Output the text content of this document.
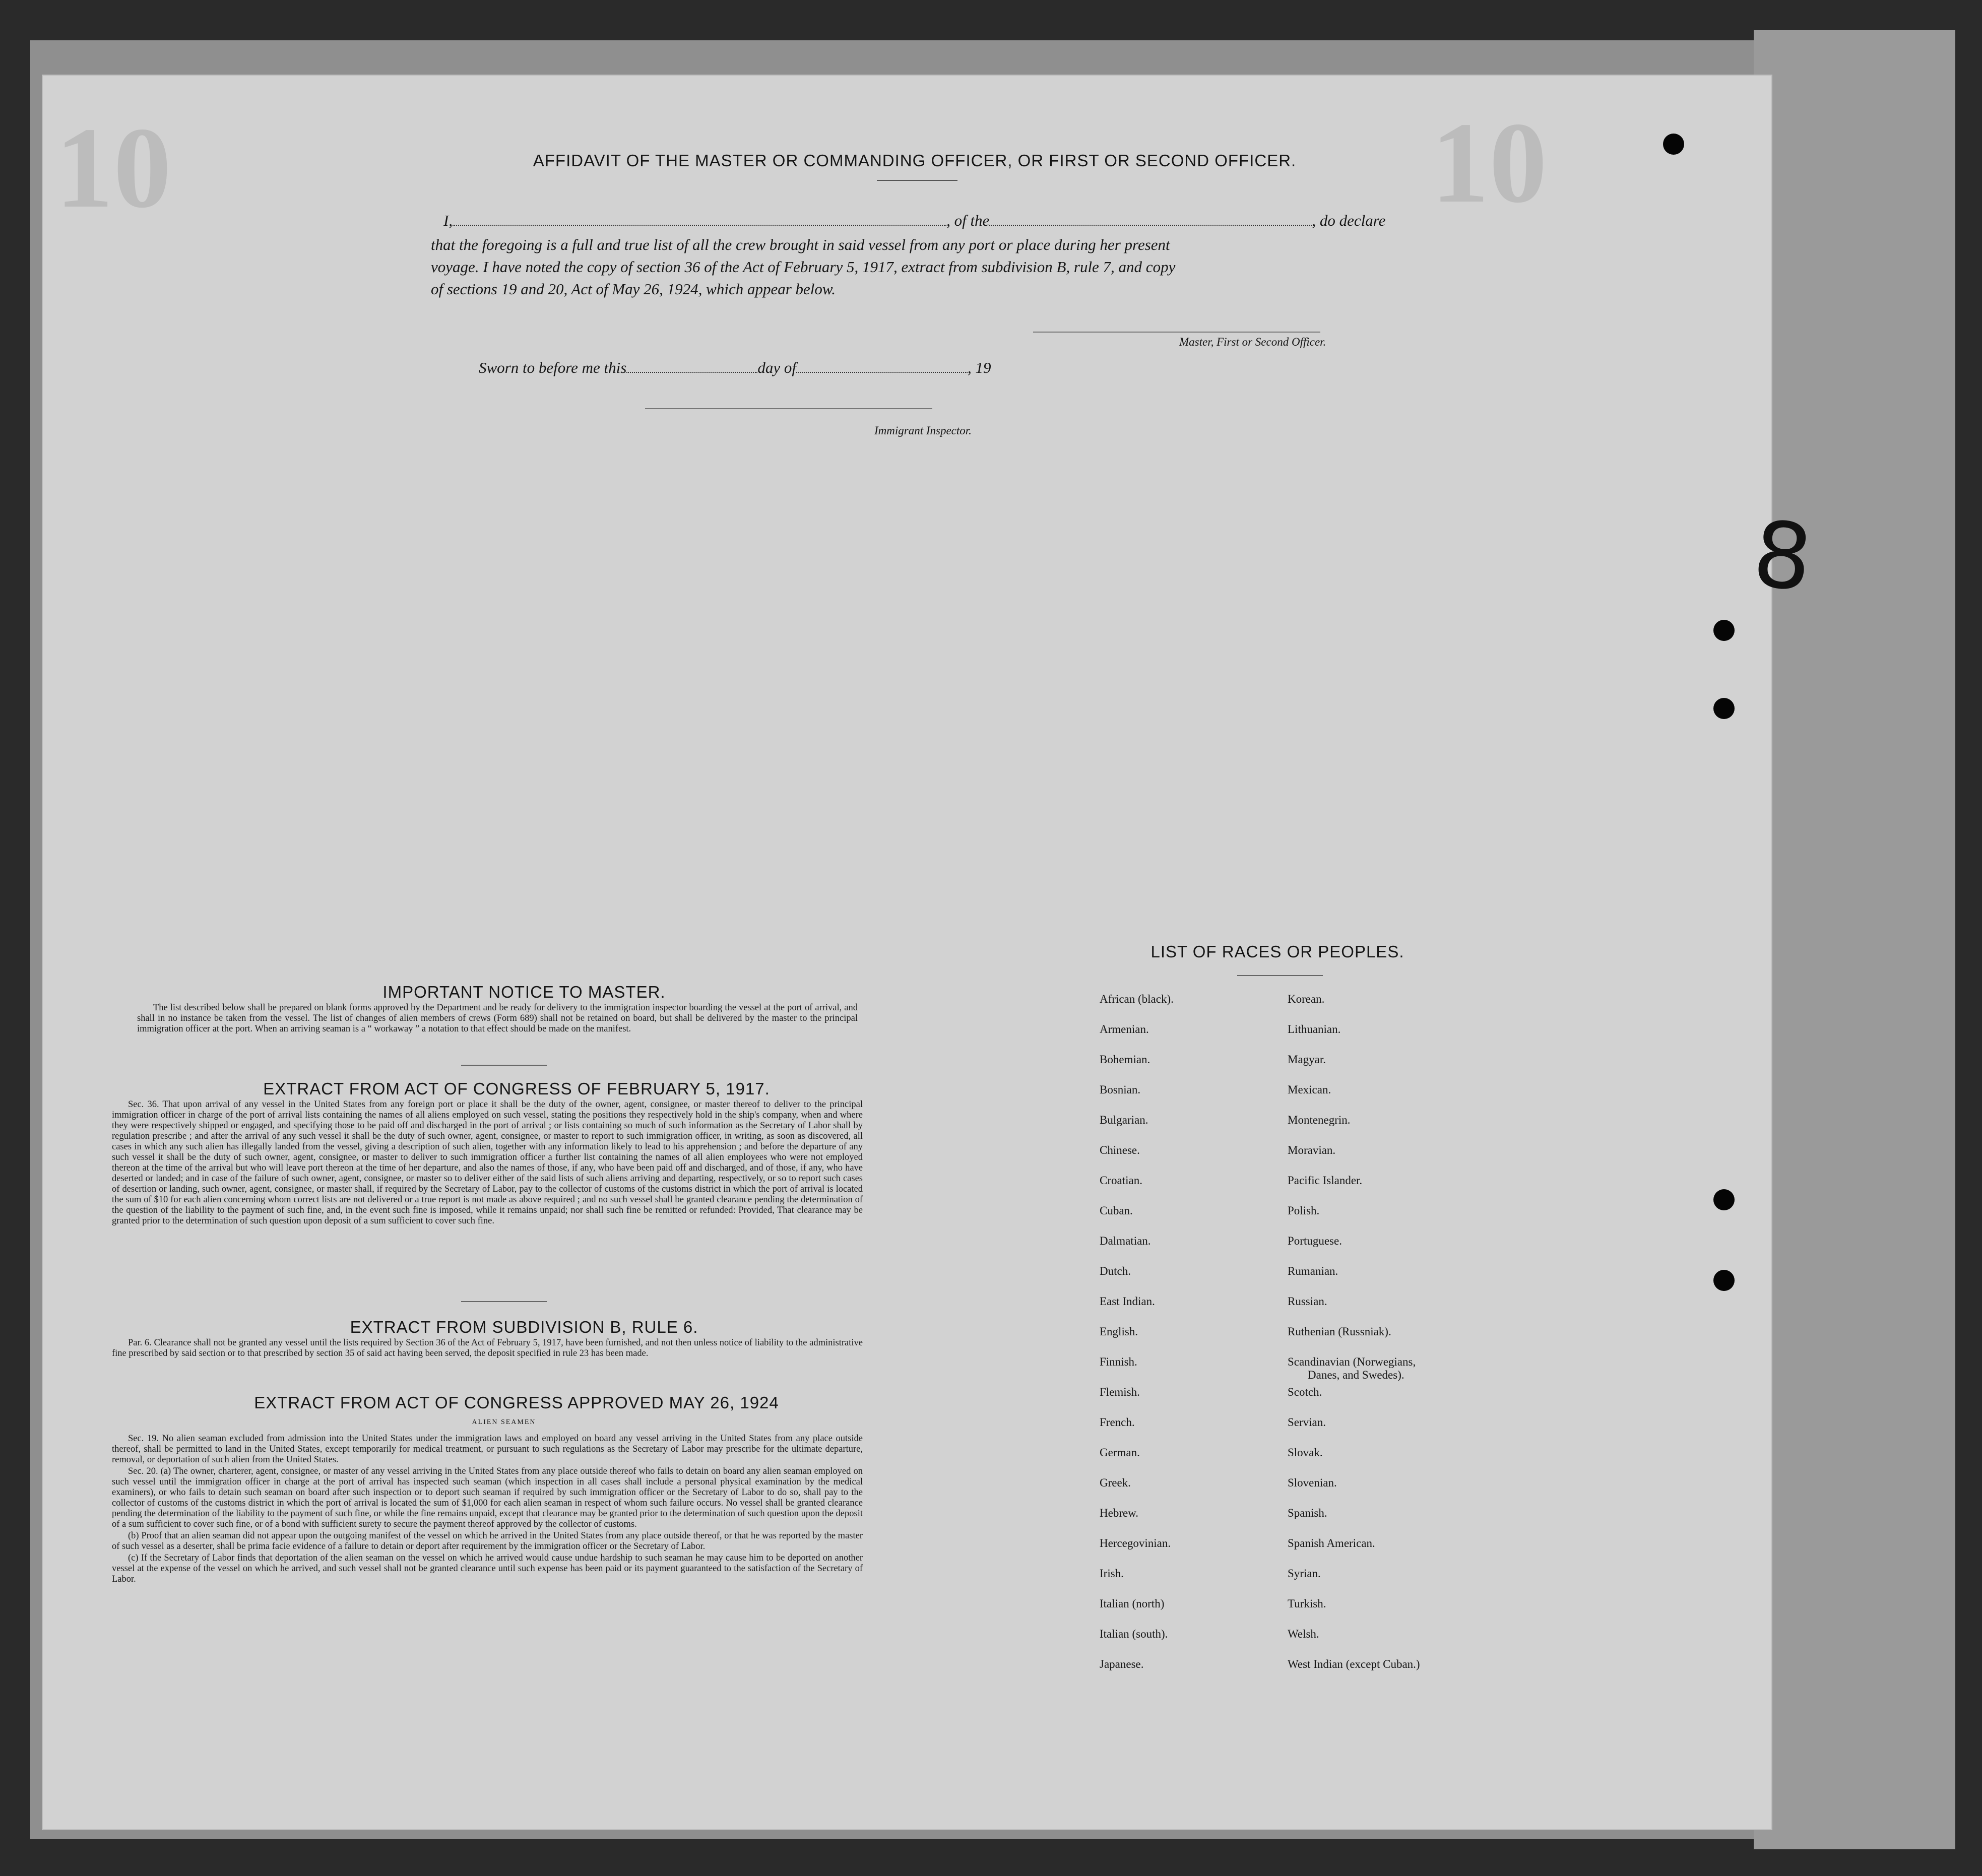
10	10
8
AFFIDAVIT OF THE MASTER OR COMMANDING OFFICER, OR FIRST OR SECOND OFFICER.
I,	, of the	, do declare
that the foregoing is a full and true list of all the crew brought in said vessel from any port or place during her present
voyage. I have noted the copy of section 36 of the Act of February 5, 1917, extract from subdivision B, rule 7, and copy
of sections 19 and 20, Act of May 26, 1924, which appear below.
Master, First or Second Officer.
Sworn to before me this	day of	, 19
Immigrant Inspector.
IMPORTANT NOTICE TO MASTER.

The list described below shall be prepared on blank forms approved by the Department and be ready for delivery to the immigration inspector boarding the vessel at the port of arrival, and shall in no instance be taken from the vessel. The list of changes of alien members of crews (Form 689) shall not be retained on board, but shall be delivered by the master to the principal immigration officer at the port. When an arriving seaman is a “ workaway ” a notation to that effect should be made on the manifest.

EXTRACT FROM ACT OF CONGRESS OF FEBRUARY 5, 1917.

Sec. 36. That upon arrival of any vessel in the United States from any foreign port or place it shall be the duty of the owner, agent, consignee, or master thereof to deliver to the principal immigration officer in charge of the port of arrival lists containing the names of all aliens employed on such vessel, stating the positions they respectively hold in the ship's company, when and where they were respectively shipped or engaged, and specifying those to be paid off and discharged in the port of arrival ; or lists containing so much of such information as the Secretary of Labor shall by regulation prescribe ; and after the arrival of any such vessel it shall be the duty of such owner, agent, consignee, or master to report to such immigration officer, in writing, as soon as discovered, all cases in which any such alien has illegally landed from the vessel, giving a description of such alien, together with any information likely to lead to his apprehension ; and before the departure of any such vessel it shall be the duty of such owner, agent, consignee, or master to deliver to such immigration officer a further list containing the names of all alien employees who were not employed thereon at the time of the arrival but who will leave port thereon at the time of her departure, and also the names of those, if any, who have been paid off and discharged, and of those, if any, who have deserted or landed; and in case of the failure of such owner, agent, consignee, or master so to deliver either of the said lists of such aliens arriving and departing, respectively, or so to report such cases of desertion or landing, such owner, agent, consignee, or master shall, if required by the Secretary of Labor, pay to the collector of customs of the customs district in which the port of arrival is located the sum of $10 for each alien concerning whom correct lists are not delivered or a true report is not made as above required ; and no such vessel shall be granted clearance pending the determination of the question of the liability to the payment of such fine, and, in the event such fine is imposed, while it remains unpaid; nor shall such fine be remitted or refunded: Provided, That clearance may be granted prior to the determination of such question upon deposit of a sum sufficient to cover such fine.

EXTRACT FROM SUBDIVISION B, RULE 6.

Par. 6. Clearance shall not be granted any vessel until the lists required by Section 36 of the Act of February 5, 1917, have been furnished, and not then unless notice of liability to the administrative fine prescribed by said section or to that prescribed by section 35 of said act having been served, the deposit specified in rule 23 has been made.

EXTRACT FROM ACT OF CONGRESS APPROVED MAY 26, 1924
ALIEN SEAMEN

Sec. 19. No alien seaman excluded from admission into the United States under the immigration laws and employed on board any vessel arriving in the United States from any place outside thereof, shall be permitted to land in the United States, except temporarily for medical treatment, or pursuant to such regulations as the Secretary of Labor may prescribe for the ultimate departure, removal, or deportation of such alien from the United States.

Sec. 20. (a) The owner, charterer, agent, consignee, or master of any vessel arriving in the United States from any place outside thereof who fails to detain on board any alien seaman employed on such vessel until the immigration officer in charge at the port of arrival has inspected such seaman (which inspection in all cases shall include a personal physical examination by the medical examiners), or who fails to detain such seaman on board after such inspection or to deport such seaman if required by such immigration officer or the Secretary of Labor to do so, shall pay to the collector of customs of the customs district in which the port of arrival is located the sum of $1,000 for each alien seaman in respect of whom such failure occurs. No vessel shall be granted clearance pending the determination of the liability to the payment of such fine, or while the fine remains unpaid, except that clearance may be granted prior to the determination of such question upon the deposit of a sum sufficient to cover such fine, or of a bond with sufficient surety to secure the payment thereof approved by the collector of customs.

(b) Proof that an alien seaman did not appear upon the outgoing manifest of the vessel on which he arrived in the United States from any place outside thereof, or that he was reported by the master of such vessel as a deserter, shall be prima facie evidence of a failure to detain or deport after requirement by the immigration officer or the Secretary of Labor.

(c) If the Secretary of Labor finds that deportation of the alien seaman on the vessel on which he arrived would cause undue hardship to such seaman he may cause him to be deported on another vessel at the expense of the vessel on which he arrived, and such vessel shall not be granted clearance until such expense has been paid or its payment guaranteed to the satisfaction of the Secretary of Labor.

LIST OF RACES OR PEOPLES.
African (black).
Armenian.
Bohemian.
Bosnian.
Bulgarian.
Chinese.
Croatian.
Cuban.
Dalmatian.
Dutch.
East Indian.
English.
Finnish.
Flemish.
French.
German.
Greek.
Hebrew.
Hercegovinian.
Irish.
Italian (north)
Italian (south).
Japanese.
Korean.
Lithuanian.
Magyar.
Mexican.
Montenegrin.
Moravian.
Pacific Islander.
Polish.
Portuguese.
Rumanian.
Russian.
Ruthenian (Russniak).
Scandinavian (Norwegians,
Danes, and Swedes).
Scotch.
Servian.
Slovak.
Slovenian.
Spanish.
Spanish American.
Syrian.
Turkish.
Welsh.
West Indian (except Cuban.)
